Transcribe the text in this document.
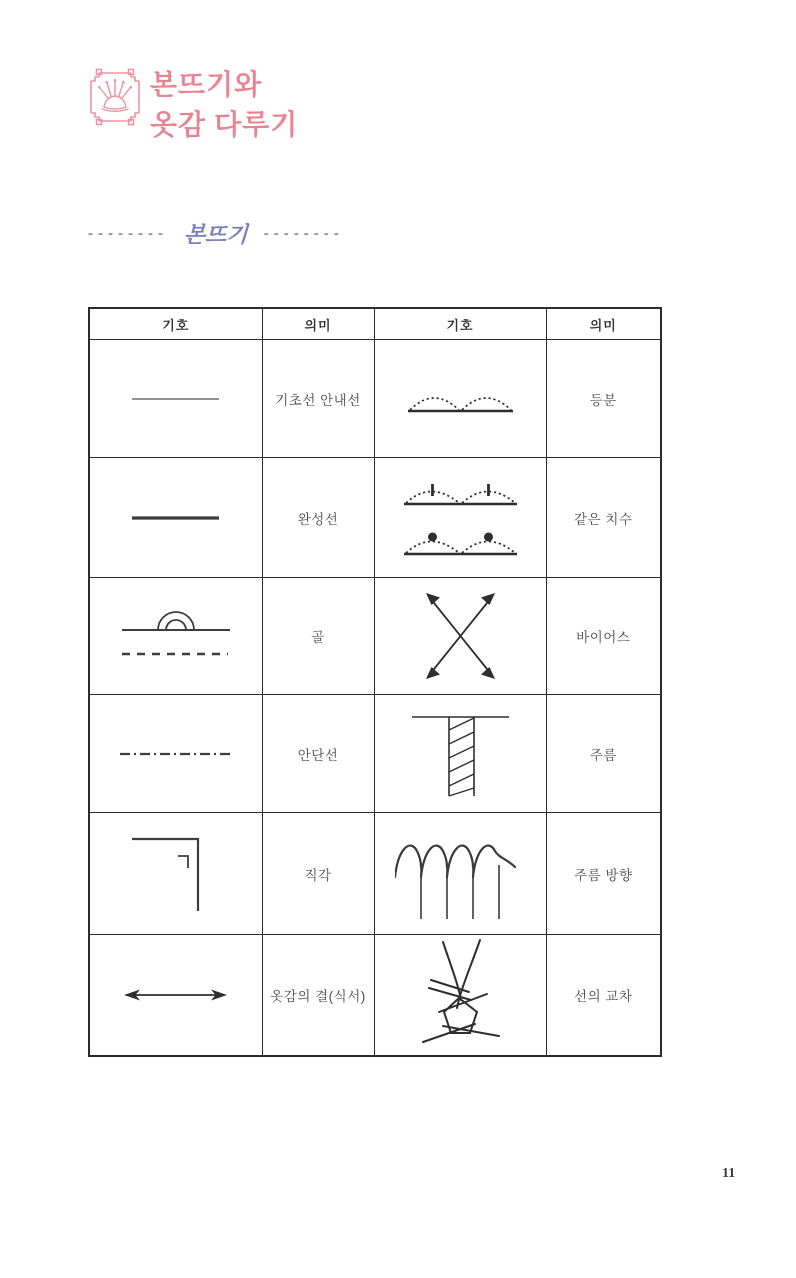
본뜨기와
옷감 다루기
-------- 본뜨기 --------
기호	의미	기호	의미

	기초선 안내선		등분

	완성선		같은 치수

	골		바이어스

	안단선		주름

	직각		주름 방향

	옷감의 결(식서)		선의 교차
11
